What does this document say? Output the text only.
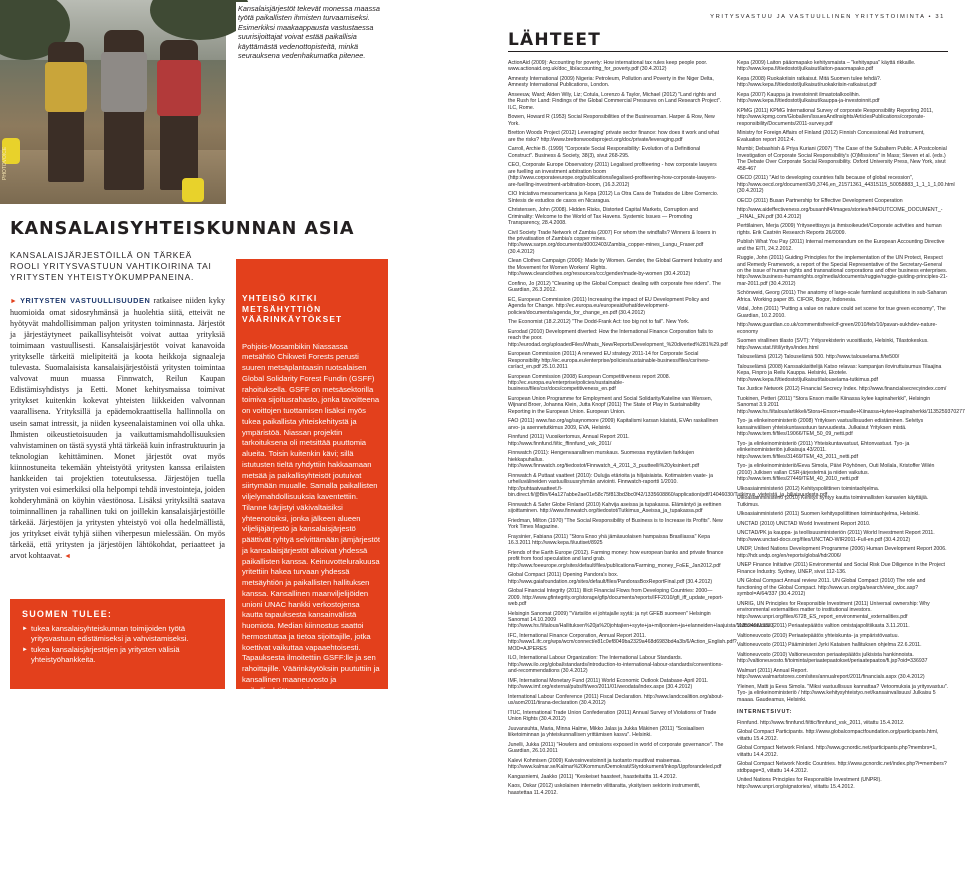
PHOTOVOICE
Kansalaisjärjestöt tekevät monessa maassa työtä paikallisten ihmisten turvaamiseksi. Esimerkiksi maakaappausta vastustaessa suurisijoittajat voivat estää paikallisia käyttämästä vedenottopisteitä, minkä seurauksena vedenhakumatka pitenee.
KANSALAISYHTEISKUNNAN ASIA
KANSALAISJÄRJESTÖILLÄ ON TÄRKEÄ ROOLI YRITYSVASTUUN VAHTIKOIRINA TAI YRITYSTEN YHTEISTYÖKUMPPANEINA.
► YRITYSTEN VASTUULLISUUDEN ratkaisee niiden kyky huomioida omat sidosryhmänsä ja huolehtia siitä, etteivät ne hyötyvät mahdollisimman paljon yritysten toiminnasta. Järjestöt ja järjestäytyneet paikallisyhteisöt voivat auttaa yrityksiä toimimaan vastuullisesti. Kansalaisjärjestöt voivat kanavoida yritykselle tärkeitä mielipiteitä ja koota heikkoja signaaleja tulevasta. Suomalaisista kansalaisjärjestöistä yritysten toimintaa valvovat muun muassa Finnwatch, Reilun Kaupan Edistämisyhdistys ja Eetti. Monet kehitysmaissa toimivat yritykset kuitenkin kokevat yhteisten liikkeiden valvonnan vaarallisena. Yrityksillä ja epädemokraattisella hallinnolla on usein samat intressit, ja niiden kyseenalaistaminen voi olla uhka. Ihmisten oikeustietoisuuden ja vaikuttamismahdollisuuksien vahvistaminen on tästä syystä yhtä tärkeää kuin infrastruktuurin ja teknologian kehittäminen. Monet järjestöt ovat myös kiinnostuneita tekemään yhteistyötä yritysten kanssa erilaisten hankkeiden tai projektien toteutuksessa. Järjestöjen tuella yritysten voi esimerkiksi olla helpompi tehdä investointeja, joiden kohderyhmänä on köyhin väestönosa. Lisäksi yrityksiltä saatava toiminnallinen ja rahallinen tuki on joillekin kansalaisjärjestöille tärkeää. Järjestöjen ja yritysten yhteistyö voi olla hedelmällistä, jos yritykset eivät tyhjä siihen viherpesun mielessään. On myös tärkeää, että yritysten ja järjestöjen lähtökohdat, periaatteet ja arvot kohtaavat. ◄
SUOMEN TULEE:
► tukea kansalaisyhteiskunnan toimijoiden työtä yritysvastuun edistämiseksi ja vahvistamiseksi.
► tukea kansalaisjärjestöjen ja yritysten välisiä yhteistyöhankkeita.
YHTEISÖ KITKI METSÄHYTTIÖN VÄÄRINKÄYTÖKSET
Pohjois-Mosambikin Niassassa metsähtiö Chikweti Forests perusti suuren metsäplantaasin ruotsalaisen Global Solidarity Forest Fundin (GSFF) rahoituksella. GSFF on metsäsektorilla toimiva sijoitusrahasto, jonka tavoitteena on voittojen tuottamisen lisäksi myös tukea paikallista yhteiskehitystä ja ympäristöä. Niassan projektin tarkoituksena oli metsittää puuttomia alueita. Toisin kuitenkin kävi; sillä istutusten tieltä ryhdyttiin hakkaamaan metsää ja paikallisyhteisöt joutuivat siirtymään muualle. Samalla paikallisten viljelymahdollisuuksia kaventettiin. Tilanne kärjistyi väkivaltaisiksi yhteenotoiksi, jonka jälkeen alueen viljelijäjärjestö ja kansalaisjärjestö päättivät ryhtyä selvittämään jämjärjestöt ja kansalaisjärjestöt alkoivat yhdessä paikallisten kanssa. Keinuvottelurakuusa yritettiin hakea turvaan yhdessä metsäyhtiön ja paikallisten hallituksen kanssa. Kansallinen maanviljelijöiden unioni UNAC hankki verkostojensa kautta tapauksesta kansainvälistä huomiota. Median kiinnostus saattoi hermostuttaa ja tietoa sijoittajille, jotka koettivat vaikuttaa vapaaehtoisesti. Tapauksesta ilmoitettiin GSFF:lle ja sen rahoittajille. Väärinkäytöksiin puututtiin ja kansallinen maaneuvosto ja paikallisyhtiöt pystyivät saamaan neuvottelu-tulos. Paikallinen ammattiliitto vetosi suoraan GSFF:n sijoittajiin, jotka muuttivat toimiaan. Vetoomuksen seurauksena paikan päällä tilannetta selvittämään lähetettiin GSFF:n sidosryhmien valtuuskunta toteusi, ettei projekti täyttänyt vastuullisen sijoittamisen periaatteita. Haavoittuvassa asemassa olevat paikalliset viljelijät ja ympäristöjärjestöt onnistuivat vastustamaan väärinkäytöksiä yhteistyössä yhdessä, koska kansalaisyhteiskunnan vaatimukset saivat huomiota.
PAULIINA SARVILAHTI-JIMÉNEZ
KEPA MOSAMBIK
YRITYSVASTUU JA VASTUULLINEN YRITYSTOIMINTA • 31
LÄHTEET

ActionAid (2009): Accounting for poverty: How international tax rules keep people poor. www.actionaid.org.uk/doc_lib/accounting_for_poverty.pdf (30.4.2012)

Amnesty International (2009) Nigeria: Petroleum, Pollution and Poverty in the Niger Delta, Amnesty International Publications, London.

Anseeuw, Ward; Alden Wily, Liz; Cotula, Lorenzo & Taylor, Michael (2012) "Land rights and the Rush for Land: Findings of the Global Commercial Pressures on Land Research Project". ILC, Rome.

Bowen, Howard R (1953) Social Responsibilities of the Businessman. Harper & Row, New York.

Bretton Woods Project (2012) Leveraging' private sector finance: how does it work and what are the risks? http://www.brettonwoodsproject.org/doc/private/leveraging.pdf

Carroll, Archie B. (1999) "Corporate Social Responsibility: Evolution of a Definitional Construct". Business & Society, 38(3), sivut 268-295.

CEO, Corporate Europe Observatory (2011) Legalised profiteering - how corporate lawyers are fuelling an investment arbitration boom (http://www.corporateeurope.org/publications/legalised-profiteering-how-corporate-lawyers-are-fuelling-investment-arbitration-boom, (16.3.2012)

CIO Iniciativa mesoamericana ja Kepa (2012) La Otra Cara de Tratados de Libre Comercio. Síntesis de estudios de casos en Nicaragua.

Christensen, John (2008). Hidden Risks, Distorted Capital Markets, Corruption and Criminality: Welcome to the World of Tax Havens. Systemic Issues — Promoting Transparency, 28.4.2008.

Civil Society Trade Network of Zambia (2007) For whom the windfalls? Winners & losers in the privatisation of Zambia's copper mines. http://www.sarpn.org/documents/d0002403/Zambia_copper-mines_Lungu_Fraser.pdf (30.4.2012)

Clean Clothes Campaign (2006): Made by Women. Gender, the Global Garment Industry and the Movement for Women Workers' Rights. http://www.cleanclothes.org/resources/ccc/gender/made-by-women (30.4.2012)

Confino, Jo (2012) "Cleaning up the Global Compact: dealing with corporate free riders". The Guardian, 26.3.2012.

EC, European Commission (2011) Increasing the impact of EU Development Policy and Agenda for Change. http://ec.europa.eu/europeaid/what/development-policies/documents/agenda_for_change_en.pdf (30.4.2012)

The Economist (18.2.2012) "The Dodd-Frank Act: too big not to fail". New York.

Eurodad (2010) Development diverted: How the International Finance Corporation fails to reach the poor. http://eurodad.org/uploadedFiles/Whats_New/Reports/Development_%20diverted%281%29.pdf

European Commission (2011) A renewed EU strategy 2011-14 for Corporate Social Responsibility http://ec.europa.eu/enterprise/policies/sustainable-business/files/csr/new-csr/act_en.pdf 25.10.2011

European Commission (2008) European Competitiveness report 2008. http://ec.europa.eu/enterprise/policies/sustainable-business/files/csr/docs/competitiveness_en.pdf

European Union Programme for Employment and Social Solidarity/Kateline van Wensen, Wijnand Broer, Johanna Klein, Jutta Knopf (2011) The State of Play in Sustainability Reporting in the European Union. European Union.

FAO (2011) www.fao.org/ag/saynomore (2009) Kapitalismi karsan käsistä, EVAn raskallinen arvo- ja asennetutkimus 2009, EVA, Helsinki.

Finnfund (2011) Vuosikertomus, Annual Report 2011. http://www.finnfund.fi/tic_ffinnfund_vsk_2011/

Finnwatch (2011): Hengenvaarallinen murskaus. Suomessa myytäväen farkkujen hiekkapuhallus. http://www.finnwatch.org/tiedostot/Finnwatch_4_2011_3_puutteelli%20yksinkert.pdf

Finnwatch & Puttaat vaatteet (2010): Oulujja etärioita ja hiljaisiaista. Kotimaisten vaate- ja urheiluvälineiden vastuullisuusryhmän arviointi. Finnwatch-raportti 1/2010. http://puhtaatvaatteet.fi-bin.direct.fi/@Bin/64a127abbe2ae01e58c75f813bd3bc0f42/1335608860/application/pdf/14046030/Tutkimus_vieteistä_ja_hiljaisuudesta.pdf

Finnwatch & Safer Globe Finland (2010) Kahvija aseissa ja tupakassa. Elämäntyö ja eettinen sijoittaminen. http://www.finnwatch.org/tiedostot/Tutkimus_Aseissa_ja_tupakassa.pdf

Friedman, Milton (1970) "The Social Responsibility of Business is to Increase its Profits". New York Times Magazine.

Fraysinier, Fabiana (2011) "Stora Enso yhä jämäsuolaisen hampaissa Brasiliassa" Kepa 16.3.2011 http://www.kepa.fi/uutiset/8925

Friends of the Earth Europe (2012). Farming money: how european banks and private finance profit from food speculation and land grab. http://www.foeeurope.org/sites/default/files/publications/Farming_money_FoEE_Jan2012.pdf

Global Compact (2011) Opening Pandora's box. http://www.gaiafoundation.org/sites/default/files/PandorasBoxReportFinal.pdf (30.4.2012)

Global Financial Integrity (2011) Illicit Financial Flows from Developing Countries: 2000—2009. http://www.gfintegrity.org/storage/gfip/documents/reports/IFF2010/gfi_iff_update_report-web.pdf

Helsingin Sanomat (2009) "Värtsilön ei johtajalle syytä: ja nyt GFEB suomeen" Helsingin Sanomat 14.10.2009 http://www.hs.fi/talous/Hallituksen%20ja%20johtajien+syyte+ja+miljoonien+ja+elanneiden+laajuista/1135249613323

IFC, International Finance Corporation, Annual Report 2011. http://www1.ifc.org/wps/wcm/connect/e81c0ef8049ba2329a468d6983bd4a3b/6/Action_English.pdf?MOD=AJPERES

ILO, International Labour Organization: The International Labour Standards. http://www.ilo.org/global/standards/introduction-to-international-labour-standards/conventions-and-recommendations (30.4.2012)

IMF, International Monetary Fund (2011) World Economic Outlook Database-April 2011. http://www.imf.org/external/pubs/ft/weo/2011/01/weodata/index.aspx (30.4.2012)

International Labour Conference (2011) Fiscal Declaration. http://www.landcoalition.org/about-us/aom2011/tirana-declaration (30.4.2012)

ITUC, International Trade Union Confederation (2011) Annual Survey of Violations of Trade Union Rights (30.4.2012)

Juuvansuhta, Maria, Minna Halme, Mikko Jalas ja Jukka Mäkinen (2011) "Sosiaalisen liiketoiminnan ja yhteiskunnallisen yrittämisen kasvu". Helsinki.

Junelli, Jukka (2011) "Howlers and omissions exposed in world of corporate governance". The Guardian, 26.10.2011

Kalevi Kohmisen (2009) Kaivosinvestoinnit ja tuotanto muuttivat maisemaa. http://www.kalmar.se/Kalmar%20Kommun/Demokrati/Styrdokument/Inkop/Uppforandeled.pdf

Kangasniemi, Jaakko (2011) "Keskeiset haasteet, haasteitaitta 11.4.2012.

Kaos, Oskar (2012) uskolainen internetin vilittaratta, yksityisen sektorin instrumentit, haastettaa 11.4.2012.

Kepa (2009) Laiton pääomapako kehitysmaista – "kehityapua" käyttä rikkaille. http://www.kepa.fi/tiedostot/julkaisut/laiton-paaomapako.pdf

Kepa (2008) Ruokakriisin ratkaisut. Mitä Suomen tulee tehdä?. http://www.kepa.fi/tiedostot/julkaisut/ruokakriisin-ratkaisut.pdf

Kepa (2007) Kauppa ja investoinnit ilmastotalkoolihin. http://www.kepa.fi/tiedostot/julkaisut/kauppa-ja-investoinnit.pdf

KPMG (2011) KPMG International Survey of corporate Responsibility Reporting 2011, http://www.kpmg.com/Global/en/IssuesAndInsights/ArticlesPublications/corporate-responsibility/Documents/2011-survey.pdf

Ministry for Foreign Affairs of Finland (2012) Finnish Concessional Aid Instrument, Evaluation report 2012:4.

Mumbi; Debashish & Priya Kuriani (2007) "The Case of the Subaltern Public. A Postcolonial Investigation of Corporate Social Responsibility's (O)Missions" in Mass; Steven et al. (eds.) The Debate Over Corporate Social Responsibility. Oxford University Press, New York, sivut 458-467

OECD (2011) "Aid to developing countries falls because of global recession", http://www.oecd.org/document/3/0,3746,en_21571361_44315115_50058883_1_1_1_1,00.html (30.4.2012)

OECD (2011) Busan Partnership for Effective Development Cooperation

http://www.aideffectiveness.org/busanhlf4/images/stories/hlf4/OUTCOME_DOCUMENT_-_FINAL_EN.pdf (30.4.2012)

Perttilainen, Merja (2009) Yrityseettisyys ja ihmisoikeudet/Corporate activities and human rights. Erik Castrén Research Reports 26/2009.

Publish What You Pay (2011) Internal memorandum on the European Accounting Directive and the EITI, 24.2.2012.

Ruggie, John (2011) Guiding Principles for the implementation of the UN Protect, Respect and Remedy Framework, a report of the Special Representative of the Secretary-General on the issue of human rights and transnational corporations and other business enterprises. http://www.business-humanrights.org/media/documents/ruggie/ruggie-guiding-principles-21-mar-2011.pdf (30.4.2012)

Schönweid, Georg (2011) The anatomy of large-scale farmland acquisitions in sub-Saharan Africa. Working paper 85. CIFOR, Bogor, Indonesia.

Vidal, John (2011) "Putting a value on nature could set scene for true green economy", The Guardian, 10.2.2010.

http://www.guardian.co.uk/commentisfree/cif-green/2010/feb/10/pavan-sukhdev-nature-economy

Suomen virallinen tilasto (SVT): Yritysrekisterin vuositilasto, Helsinki, Tilastokeskus. http://www.stat.fi/til/yritys/index.html

Talouselämä (2012) Talouselämä 500. http://www.talouselama.fi/te500/

Talouselämä (2008) Kanssakäsittelijä Katso relavas: kampanjan iloviruttuisumus Tilaajina Kepa, Finpro ja Reilu Kauppa. Helsinki, Ekotele. http://www.kepa.fi/tiedostot/julkaisut/talouselama-tutkimus.pdf

Tax Justice Network (2012) Financial Secrecy Index. http://www.financialsecrecyindex.com/

Tuokinen, Petteri (2011) "Stora Enson maille Kiinassa kylee kapinaherkki", Helsingin Sanomat 3.9.2011 http://www.hs.fi/talous/artikkeli/Stora+Enson+maalle+Kiinassa+kytee+kapinaherkki/1135259370277

Tyo- ja elinkeinoministeriö (2008) Yrityksen vastuullisuuden edistäminen. Selvitys kansainvälisen yhteiskuntavastuun tarvuudesta. Julkaisut Yrityksen mistä. http://www.tem.fi/files/19066/TEM_50_09_netti.pdf

Tyo- ja elinkeinoministeriö (2011) Yhteiskuntavastuut, Ehtonvastuut. Tyo- ja elinkeinoministeriön julkaisuja 43/2011. http://www.tem.fi/files/31469/TEM_43_2011_netti.pdf

Tyo- ja elinkeinoministeriö/Eeva Simola, Päivi Pöyhönen, Outi Moilala, Kristoffer Wilén (2010) Julkisen vallan CSR-järjestelmä ja niiden vaikutus. http://www.tem.fi/files/27449/TEM_40_2010_netti.pdf

Ulkoasiainministeriö (2012) Kehityspoliittinen toimintaohjelma.

Ulkoasiainministeriö (2010) Kehitys syntyy kautta toiminnallisten kanavien käyttäjiä. Tutkimus.

Ulkoasiainministeriö (2011) Suomen kehityspoliittinen toimintaohjelma, Helsinki.

UNCTAD (2010) UNCTAD World Investment Report 2010.

UNCTAD/PK ja kauppa- ja teollisuusministeriön (2011) World Investment Report 2011. http://www.unctad-docs.org/files/UNCTAD-WIR2011-Full-en.pdf (30.4.2012)

UNDP, United Nations Development Programme (2006) Human Development Report 2006. http://hdr.undp.org/en/reports/global/hdr2006/

UNEP Finance Initiative (2011) Environmental and Social Risk Due Diligence in the Project Finance Industry. Sydney, UNEP, sivut 112-136.

UN Global Compact Annual review 2011. UN Global Compact (2010) The role and functioning of the Global Compact. http://www.un.org/ga/search/view_doc.asp?symbol=A/64/337 (30.4.2012)

UNRIG, UN Principles for Responsible Investment (2011) Universal ownership: Why environmental externalities matter to institutional investors. http://www.unpri.org/files/6728_ES_report_environmental_externalities.pdf

Valtioneuvosto (2011) Periaatepäätös valtion omistajapolitiikasta 3.11.2011.

Valtioneuvosto (2010) Periaatepäätös yhteiskunta- ja ympäristövastuu.

Valtioneuvosto (2011) Pääministeri Jyrki Kataisen hallituksen ohjelma 22.6.2011.

Valtioneuvosto (2010) Valtioneuvoston periaatepäätös julkisista hankinnoista. http://valtioneuvosto.fi/toiminta/periaatepaatokset/periaatepaatos/fi.jsp?oid=336937

Walmart (2011) Annual Report. http://www.walmartstores.com/sites/annualreport/2011/financials.aspx (30.4.2012)

Yleinen, Matti ja Eeva Simola. "Miksi vastuullisuus kannattaa? Vetoomuksia ja yritysvastuu". Tyo- ja elinkeinoministeriö / http://www.kehitysyhteistyo.net/kansainvalisuus/ Julkaisu 5 maaaa. Gaudeamus, Helsinki.

INTERNETSIVUT:

Finnfund. http://www.finnfund.fi/ttic/finnfund_vsk_2011, viitattu 15.4.2012.

Global Compact Participants. http://www.globalcompactfoundation.org/participants.html, viitattu 15.4.2012.

Global Compact Network Finland. http://www.gcnordic.net/participants.php?membrs=1, viitattu 14.4.2012.

Global Compact Network Nordic Countries. http://www.gcnordic.net/index.php?i=members?stdbpage=3, viitattu 14.4.2012.

United Nations Principles for Responsible Investment (UNPRI). http://www.unpri.org/signatories/, viitattu 15.4.2012.
